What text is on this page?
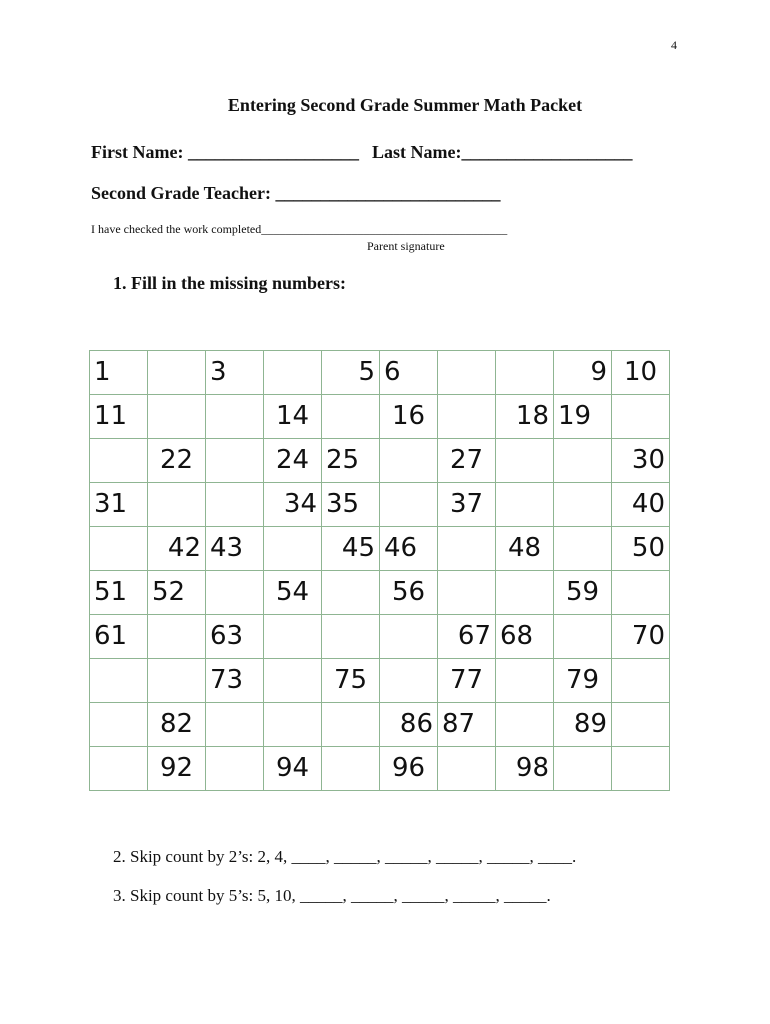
4
Entering Second Grade Summer Math Packet
First Name: ___________________ Last Name:___________________
Second Grade Teacher: _________________________
I have checked the work completed_________________________________________
Parent signature
1. Fill in the missing numbers:
1		3		5	6			9	10

11			14		16		18	19	

	22		24	25		27			30

31			34	35		37			40

	42	43		45	46		48		50

51	52		54		56			59	

61		63				67	68		70

		73		75		77		79	

	82				86	87		89	

	92		94		96		98		

2. Skip count by 2’s: 2, 4, ____, _____, _____, _____, _____, ____.
3. Skip count by 5’s: 5, 10, _____, _____, _____, _____, _____.
